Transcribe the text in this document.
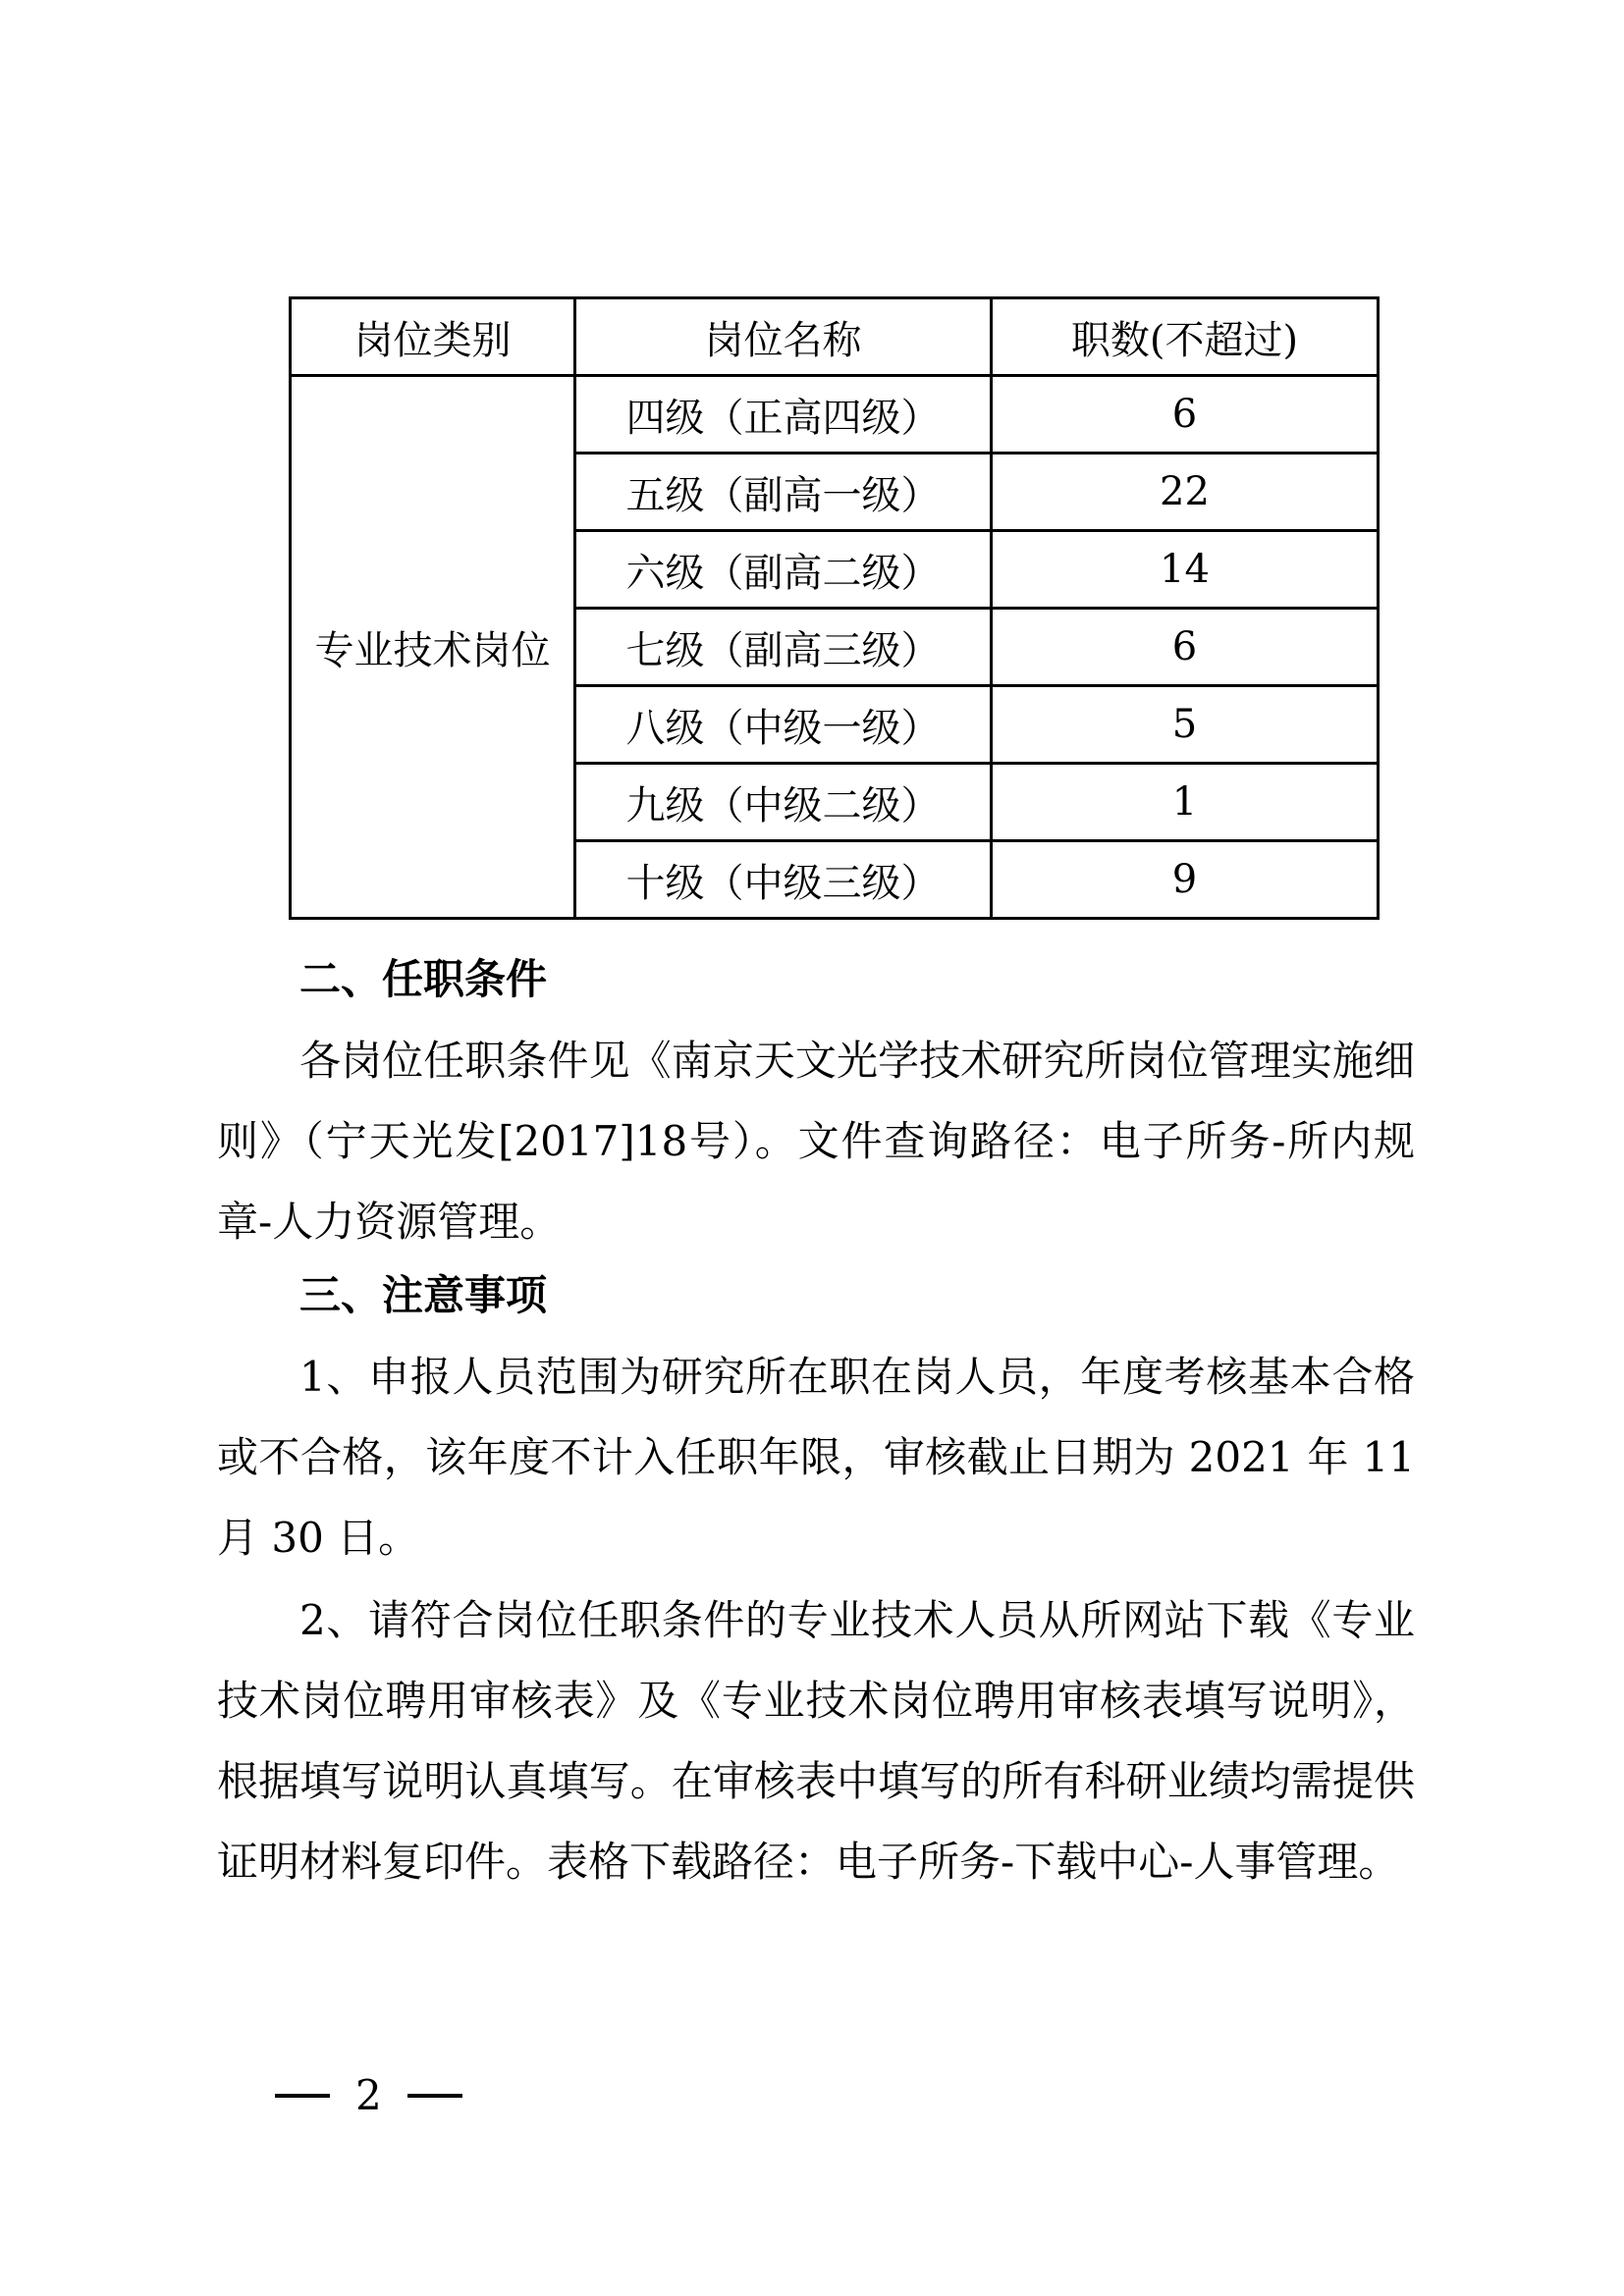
岗位类别	岗位名称	职数(不超过)
专业技术岗位	四级（正高四级）	6
	五级（副高一级）	22
	六级（副高二级）	14
	七级（副高三级）	6
	八级（中级一级）	5
	九级（中级二级）	1
	十级（中级三级）	9
二、任职条件

各岗位任职条件见《南京天文光学技术研究所岗位管理实施细则》（宁天光发[2017]18号）。文件查询路径：电子所务-所内规章-人力资源管理。

三、注意事项

1、申报人员范围为研究所在职在岗人员，年度考核基本合格或不合格，该年度不计入任职年限，审核截止日期为 2021 年 11 月 30 日。

2、请符合岗位任职条件的专业技术人员从所网站下载《专业技术岗位聘用审核表》及《专业技术岗位聘用审核表填写说明》，根据填写说明认真填写。在审核表中填写的所有科研业绩均需提供证明材料复印件。表格下载路径：电子所务-下载中心-人事管理。

2
